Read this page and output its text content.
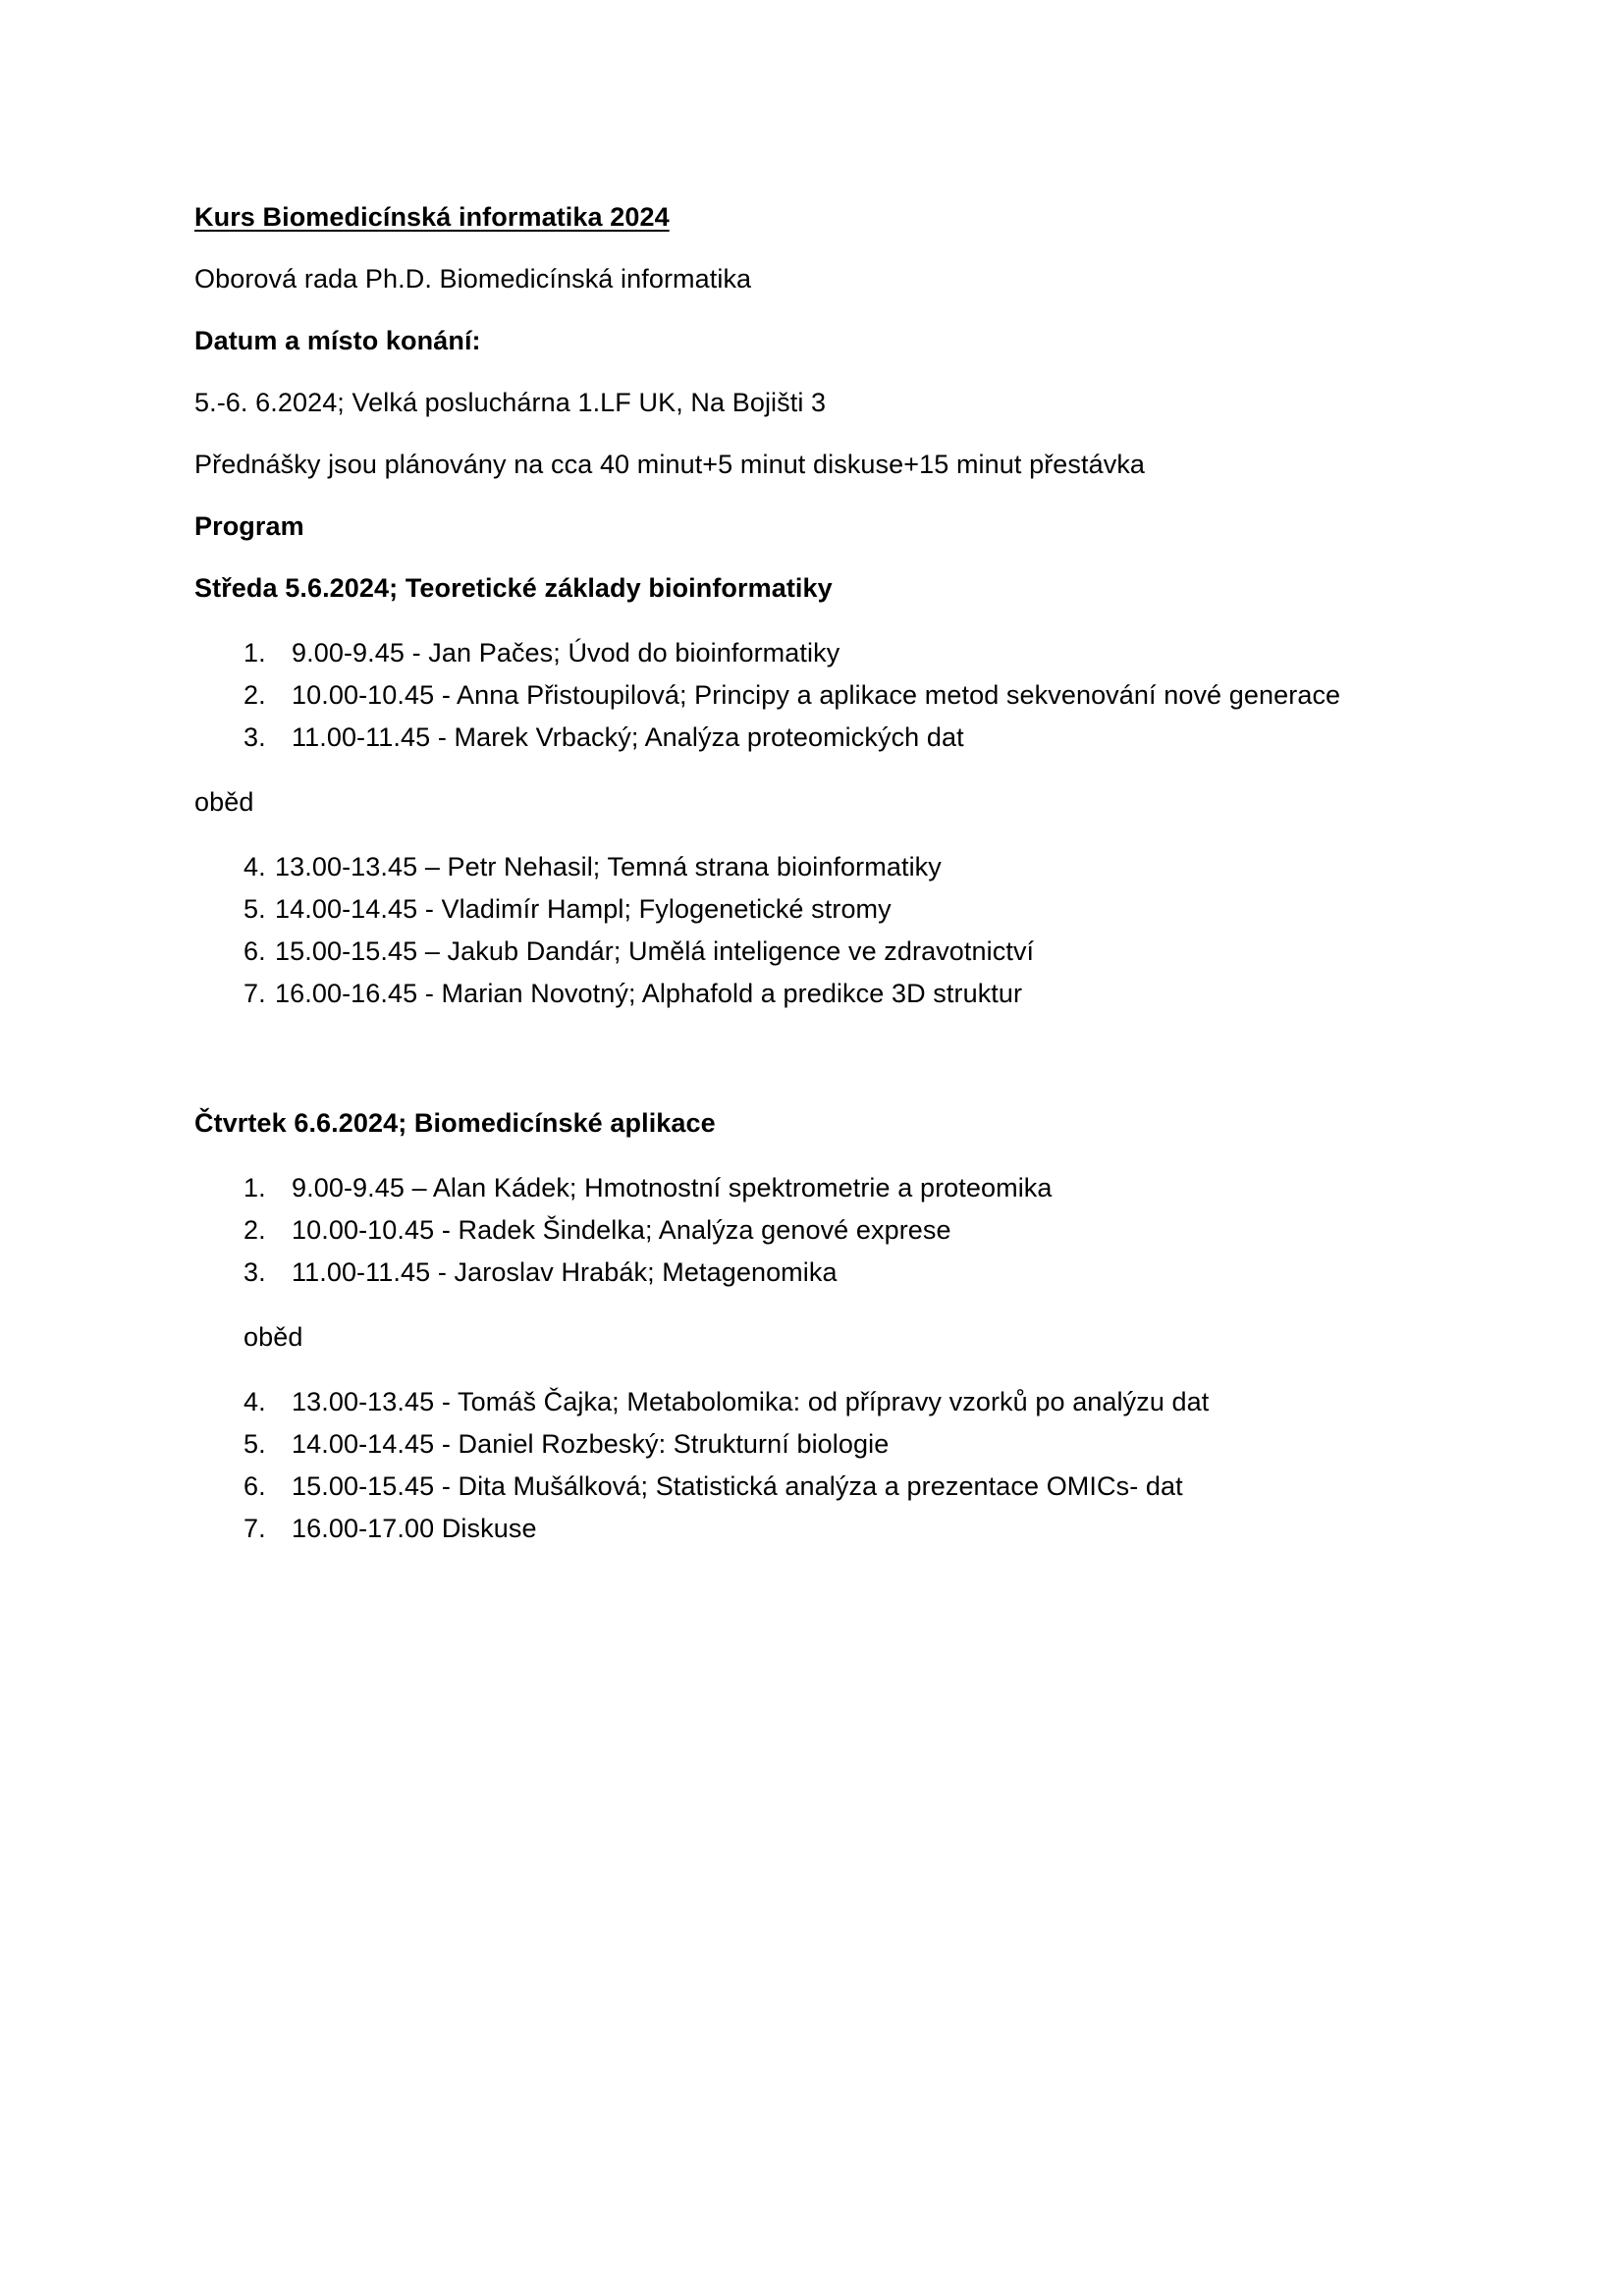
Kurs Biomedicínská informatika 2024
Oborová rada Ph.D. Biomedicínská informatika
Datum a místo konání:
5.-6. 6.2024; Velká posluchárna 1.LF UK, Na Bojišti 3
Přednášky jsou plánovány na cca 40 minut+5 minut diskuse+15 minut přestávka
Program
Středa 5.6.2024; Teoretické základy bioinformatiky
1. 9.00-9.45 - Jan Pačes; Úvod do bioinformatiky
2. 10.00-10.45 - Anna Přistoupilová; Principy a aplikace metod sekvenování nové generace
3. 11.00-11.45 - Marek Vrbacký; Analýza proteomických dat
oběd
4. 13.00-13.45 – Petr Nehasil; Temná strana bioinformatiky
5. 14.00-14.45 - Vladimír Hampl; Fylogenetické stromy
6. 15.00-15.45 – Jakub Dandár; Umělá inteligence ve zdravotnictví
7. 16.00-16.45 - Marian Novotný; Alphafold a predikce 3D struktur
Čtvrtek 6.6.2024; Biomedicínské aplikace
1. 9.00-9.45 – Alan Kádek; Hmotnostní spektrometrie a proteomika
2. 10.00-10.45 - Radek Šindelka; Analýza genové exprese
3. 11.00-11.45 - Jaroslav Hrabák; Metagenomika
oběd
4. 13.00-13.45 - Tomáš Čajka; Metabolomika: od přípravy vzorků po analýzu dat
5. 14.00-14.45 - Daniel Rozbeský: Strukturní biologie
6. 15.00-15.45 - Dita Mušálková; Statistická analýza a prezentace OMICs- dat
7. 16.00-17.00 Diskuse
